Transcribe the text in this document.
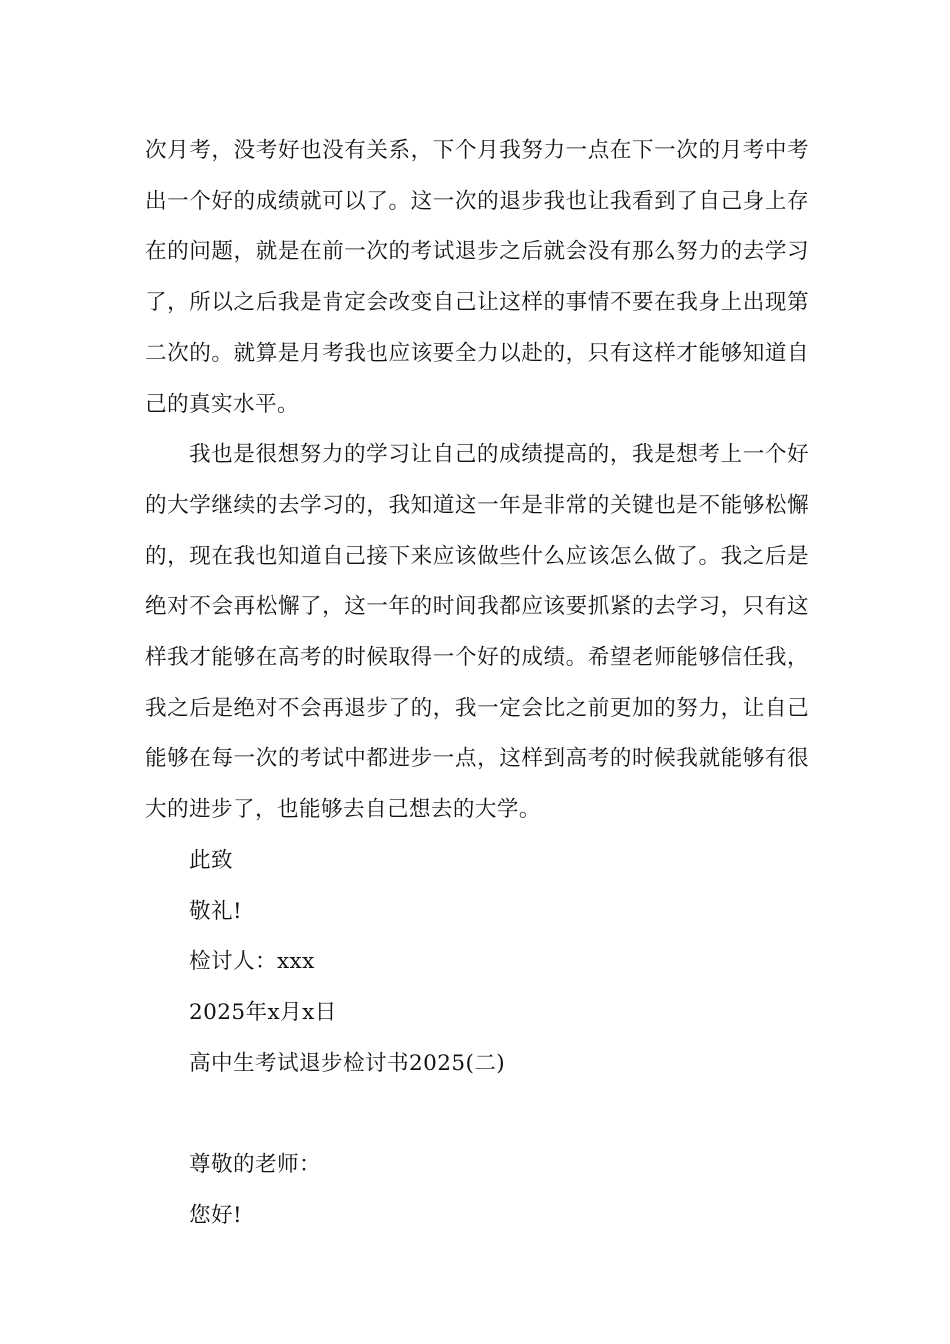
次月考，没考好也没有关系，下个月我努力一点在下一次的月考中考出一个好的成绩就可以了。这一次的退步我也让我看到了自己身上存在的问题，就是在前一次的考试退步之后就会没有那么努力的去学习了，所以之后我是肯定会改变自己让这样的事情不要在我身上出现第二次的。就算是月考我也应该要全力以赴的，只有这样才能够知道自己的真实水平。

我也是很想努力的学习让自己的成绩提高的，我是想考上一个好的大学继续的去学习的，我知道这一年是非常的关键也是不能够松懈的，现在我也知道自己接下来应该做些什么应该怎么做了。我之后是绝对不会再松懈了，这一年的时间我都应该要抓紧的去学习，只有这样我才能够在高考的时候取得一个好的成绩。希望老师能够信任我，我之后是绝对不会再退步了的，我一定会比之前更加的努力，让自己能够在每一次的考试中都进步一点，这样到高考的时候我就能够有很大的进步了，也能够去自己想去的大学。

此致

敬礼!

检讨人：xxx

2025年x月x日

高中生考试退步检讨书2025(二)

尊敬的老师：

您好!
